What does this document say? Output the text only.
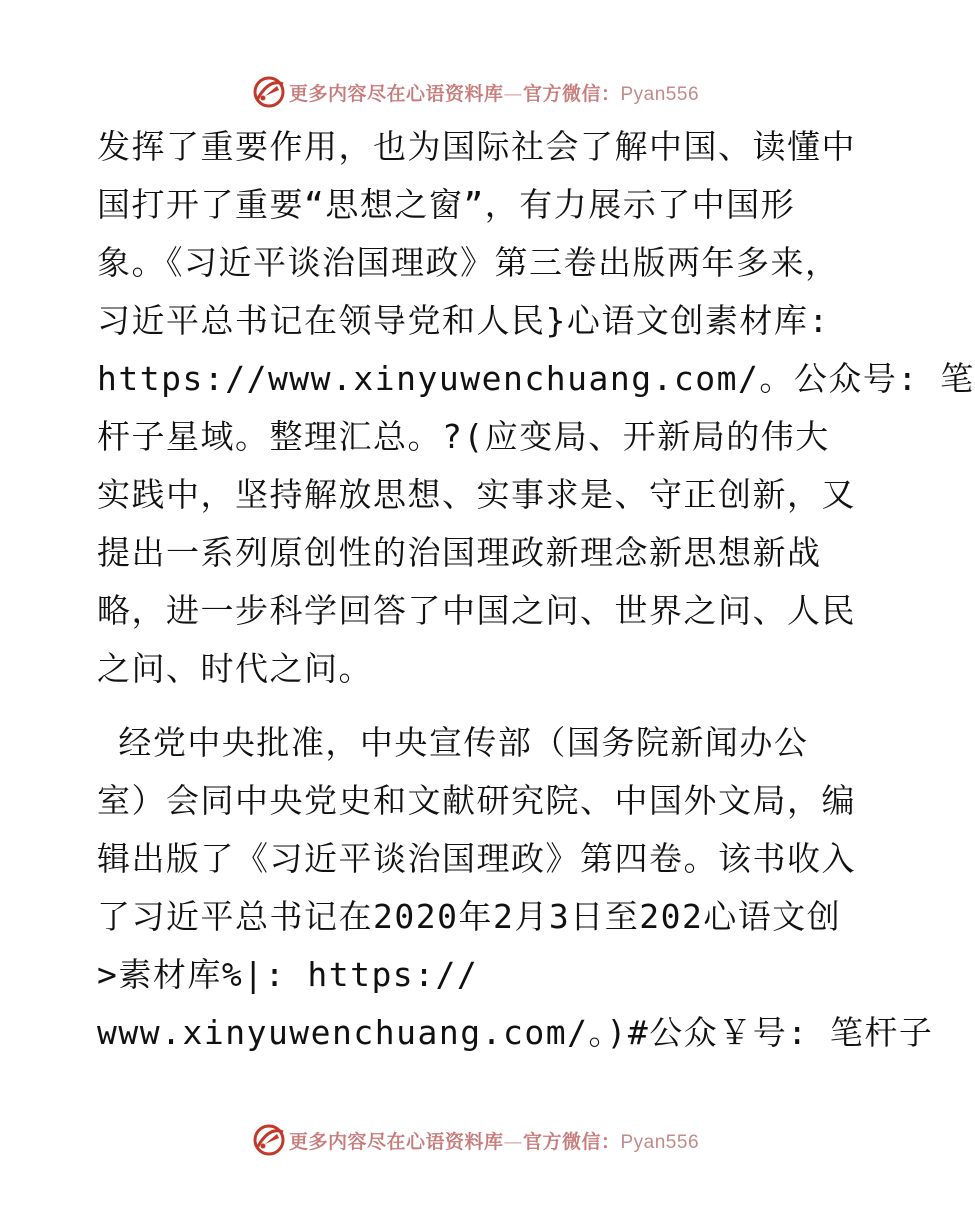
更多内容尽在心语资料库—官方微信：Pyan556
发挥了重要作用，也为国际社会了解中国、读懂中
国打开了重要“思想之窗”，有力展示了中国形
象。《习近平谈治国理政》第三卷出版两年多来，
习近平总书记在领导党和人民}心语文创素材库:
https://www.xinyuwenchuang.com/。公众号: 笔
杆子星域。整理汇总。?(应变局、开新局的伟大
实践中，坚持解放思想、实事求是、守正创新，又
提出一系列原创性的治国理政新理念新思想新战
略，进一步科学回答了中国之问、世界之问、人民
之问、时代之问。
经党中央批准，中央宣传部（国务院新闻办公
室）会同中央党史和文献研究院、中国外文局，编
辑出版了《习近平谈治国理政》第四卷。该书收入
了习近平总书记在2020年2月3日至202心语文创
>素材库%|: https://
www.xinyuwenchuang.com/。)#公众￥号: 笔杆子
更多内容尽在心语资料库—官方微信：Pyan556
